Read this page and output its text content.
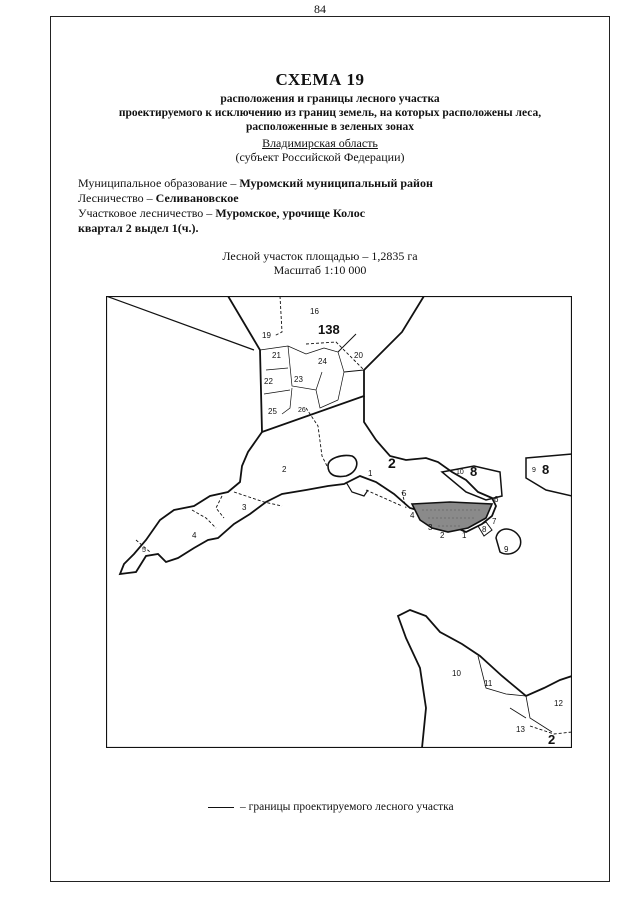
84
СХЕМА 19
расположения и границы лесного участка
проектируемого к исключению из границ земель, на которых расположены леса,
расположенные в зеленых зонах
Владимирская область
(субъект Российской Федерации)
Муниципальное образование – Муромский муниципальный район
Лесничество – Селивановское
Участковое лесничество – Муромское, урочище Колос
квартал 2 выдел 1(ч.).
Лесной участок площадью – 1,2835 га
Масштаб 1:10 000
19
16
138
21	20
24
22	23
25	26
2	2
1
3
4
5
10 8	9 8
5
4
3
2 1
8
7
6
9
10
11
12
13
2
– границы проектируемого лесного участка
